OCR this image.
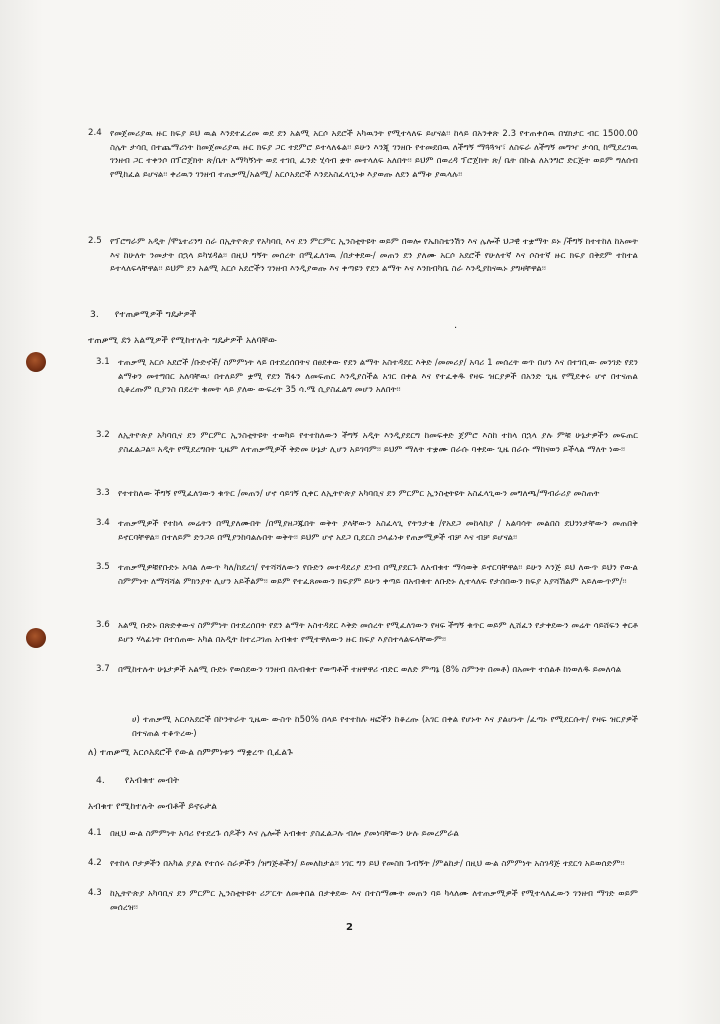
2.4 የመጀመሪያዉ ዙር ክፍያ ይህ ዉል እንደተፈረመ ወደ ደን አልሚ አርሶ አደሮች አካዉንት የሚተላለፍ ይሆናል፡፡ ከላይ በአንቀጽ 2.3 የተጠቀሰዉ በሄክታር ብር 1500.00 ስሌት ታሳቢ በተጨማሪነት ከመጀመሪያዉ ዙር ክፍያ ጋር ተደምሮ ይተላለፋል፡፡ ይሁን እንጂ ገንዘቡ የተመደበዉ ለችግኝ ማጓጓዣ፣ ለስፍራ ለችግኝ መግዣ ታሳቢ ከሚደረገዉ ገንዘብ ጋር ተቀንሶ በፕሮጀክት ጽ/ቤት አማካኝነት ወደ ተገቢ ፈንድ ሂሳብ ቋት መተላለፍ አለበት፡፡ ይህም በወረዳ ፕሮጀክት ጽ/ ቤት በኩል ለአንግሮ ድርጅት ወይም ግለሰብ የሚከፈል ይሆናል፡፡ ቀሪዉን ገንዘብ ተጠቃሚ/አልሚ/ አርሶአደሮች እንደአስፈላጊነቱ እያወጡ ለደን ልማቱ ያዉላሉ፡፡
2.5 የፕሮግራም አዲት /ሞኒተሪንግ ስራ በኢትዮጵያ የአካባቢ እና ደን ምርምር ኢንስቲትዩት ወይም በወሎ የኤክስቴንሽን እና ሌሎች ህጋዊ ተቋማት ይኑ /ችግኝ ከተተከለ ከአመት እና ከሁለት ንመታት በኋላ ይካሄዳል፡፡ በዚህ ግኝት መሰረት በሚፈለገዉ /በታቀደው/ መጠን ደን ያለሙ አርሶ አደሮች የሁለተኛ እና ሶስተኛ ዙር ክፍያ በቅደም ተከተል ይተላለፍላቸዋል፡፡ ይህም ደን አልሚ አርሶ አደሮችን ገንዘብ እንዲያወጡ እና ቀጣዩን የደን ልማት እና እንክብካቤ ስራ እንዲያከናዉኑ ያግዛቸዋል፡፡
3. የተጠቃሚዎች ግዴታዎች
·
ተጠቃሚ ደን አልሚዎች የሚከተሉት ግዴታዎች አለባቸው
3.1 ተጠቃሚ አርሶ አደሮች /ቡድኖች/ ስምምነት ላይ በተደረሰበትና በፀደቀው የደን ልማት አስተዳደር እቅድ /መመሪያ/ አባሪ 1 መሰረት ወጥ በሆነ እና በተገቢው መንገድ የደን ልማቱን መተግበር አለባቸዉ፡ በተለይም ቋሚ የደን ሽፋን ለመፍጠር እንዲያስችል አገር በቀል እና የተፈቀዱ የዛፍ ዝርያዎች በአንድ ጊዜ የሚደቀሩ ሆኖ በተናጠል ሲቆረጡም ቢያንስ በደረት ቁመት ላይ ያለው ውፍረት 35 ሳ.ሜ ሲያስፈልግ መሆን አለበት፡፡
3.2 ለኢትዮጵያ አካባቢና ደን ምርምር ኢንስቲትዩት ተወካይ የተተከለውን ችግኝ አዲት እንዲያደርግ ከመፍቀድ ጀምሮ እስከ ተከላ በኋላ ያሉ ምቹ ሁኔታዎችን መፍጠር ያስፈልጋል፡፡ አዲት የሚደረግበት ጊዜም ለተጠቃሚዎች ቅድመ ሁኔታ ሊሆን አይገባም፡፡ ይህም ማለት ተቋሙ በራሱ ባቀደው ጊዜ በራሱ ማከናወን ይችላል ማለት ነው፡፡
3.3 የተተከለው ችግኝ የሚፈለገውን ቁጥር /መጠን/ ሆኖ ሳይገኝ ሲቀር ለኢትዮጵያ አካባቢና ደን ምርምር ኢንስቲትዩት አስፈላጊውን መግለጫ/ማብራሪያ መስጠት
3.4 ተጠቃሚዎች የተከላ መሬትን በሚያለሙበት /በሚያዘጋጁበት ወቅት ያላቸውን አስፈላጊ የትንታቄ /የአደጋ መከላከያ / አልባሳት መልበስ ደህንነታቸውን መጠበቅ ይኖርባቸዋል፡፡ በተለይም ድንጋይ በሚያንከባልሉበት ወቅት፡፡ ይህም ሆኖ አደጋ ቢደርስ ኃላፊነቱ የጠቃሚዎች ብቻ እና ብቻ ይሆናል፡፡
3.5 ተጠቃሚዎቹየቡድኑ አባል ለውጥ ካለ/ከደረገ/ የተሻሻለውን የቡድን መተዳደሪያ ደንብ በሚያደርጉ ለአብቁተ ማሳወቅ ይኖርባቸዋል፡፡ ይሁን እንጅ ይህ ለውጥ ይህን የውል ስምምነት ለማሻሻል ምክንያት ሊሆን አይችልም፡፡ ወይም የተፈጸመውን ክፍያም ይሁን ቀጣይ በአብቁተ ለቡድኑ ሊተላለፍ የታሰበውን ክፍያ አያሻሽልም አይለውጥም/፡፡
3.6 አልሚ ቡድኑ በጽድቀውና ስምምነት በተደረሰበት የደን ልማት አስተዳደር እቅድ መሰረት የሚፈለገውን የዛፍ ችግኝ ቁጥር ወይም ሊሸፈን የታቀደውን መሬት ሳይሸፍን ቀርቶ ይሆን ሃላፊነት በተሰጠው አካል በአዲት ከተረጋገጠ አብቁተ የሚተዋለውን ዙር ክፍያ እያስተላልፍላቸውም፡፡
3.7 በሚከተሉት ሁኔታዎች አልሚ ቡድኑ የወሰደውን ገንዘብ በአብቁተ የወጣቶች ተዘዋዋሪ ብድር ወለድ ምጣኔ (8% ስምንት በመቶ) በአመት ተሰልቶ ከነወለዱ ይመለሳል
ሀ) ተጠቃሚ አርሶአደሮች በኮንትራት ጊዜው ውስጥ ከ50% በላይ የተተከሉ ዛፎችን ከቆረጡ (አገር በቀል የሆኑት እና ያልሆኑት /ፈጣኑ የሚደርሱት/ የዛፍ ዝርያዎች በተናጠል ተቆጥረው)
ለ) ተጠቃሚ አርሶአደሮች የውል ስምምነቱን ማቋረጥ ቢፈልጉ
4. የአብቁተ መብት
አብቁተ የሚከተሉት መብቶች ይኖሩታል
4.1 በዚህ ውል ስምምነት አባሪ የተደረጉ ሰዶችን እና ሌሎች አብቁተ ያስፈልጋሉ ብሎ ያመነባቸውን ሁሉ ይመረምራል
4.2 የተከላ ቦታዎችን በአካል ያያል የተሰሩ ስራዎችን /ዝግጅቶችን/ ይመለከታል፡፡ ነገር ግን ይህ የመስክ ጉብኝት /ምልከታ/ በዚህ ውል ስምምነት አስገዳጅ ተደርጎ አይወሰድም፡፡
4.3 ከኢትዮጵያ አካባቢና ደን ምርምር ኢንስቲትዩት ሪፖርት ለመቀበል በታቀደው እና በተስማሙት መጠን ባይ ካላለሙ ለተጠቃሚዎች የሚተላለፈውን ገንዘብ ማገድ ወይም መሰረዝ፡፡
2
